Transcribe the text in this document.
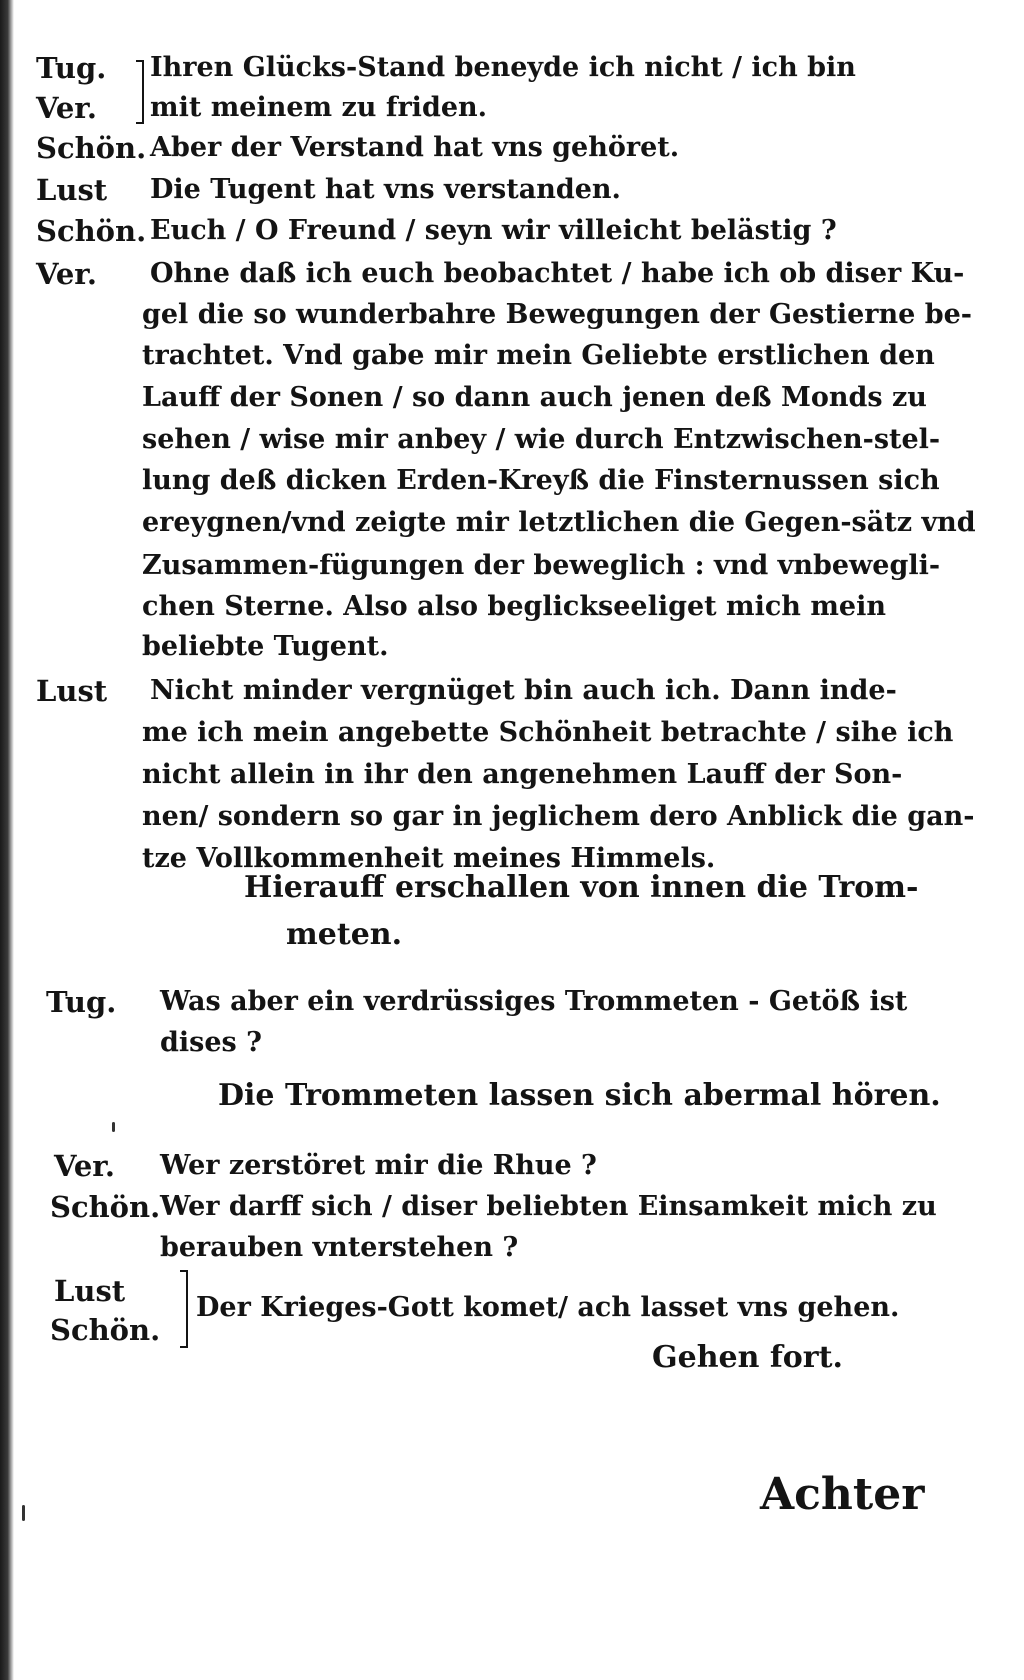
Tug. Ihren Glücks-Stand beneyde ich nicht / ich bin
Ver. mit meinem zu friden.
Schön. Aber der Verstand hat vns gehöret.
Lust Die Tugent hat vns verstanden.
Schön. Euch / O Freund / seyn wir villeicht belästig ?
Ver. Ohne daß ich euch beobachtet / habe ich ob diser Ku-
gel die so wunderbahre Bewegungen der Gestierne be-
trachtet. Vnd gabe mir mein Geliebte erstlichen den
Lauff der Sonen / so dann auch jenen deß Monds zu
sehen / wise mir anbey / wie durch Entzwischen-stel-
lung deß dicken Erden-Kreyß die Finsternussen sich
ereygnen/vnd zeigte mir letztlichen die Gegen-sätz vnd
Zusammen-fügungen der beweglich : vnd vnbewegli-
chen Sterne. Also also beglickseeliget mich mein
beliebte Tugent.
Lust Nicht minder vergnüget bin auch ich. Dann inde-
me ich mein angebette Schönheit betrachte / sihe ich
nicht allein in ihr den angenehmen Lauff der Son-
nen/ sondern so gar in jeglichem dero Anblick die gan-
tze Vollkommenheit meines Himmels.
Hierauff erschallen von innen die Trom-
meten.
Tug. Was aber ein verdrüssiges Trommeten - Getöß ist
dises ?
Die Trommeten lassen sich abermal hören.
Ver. Wer zerstöret mir die Rhue ?
Schön. Wer darff sich / diser beliebten Einsamkeit mich zu
berauben vnterstehen ?
Lust
Schön.
Der Krieges-Gott komet/ ach lasset vns gehen.
Gehen fort.
Achter
